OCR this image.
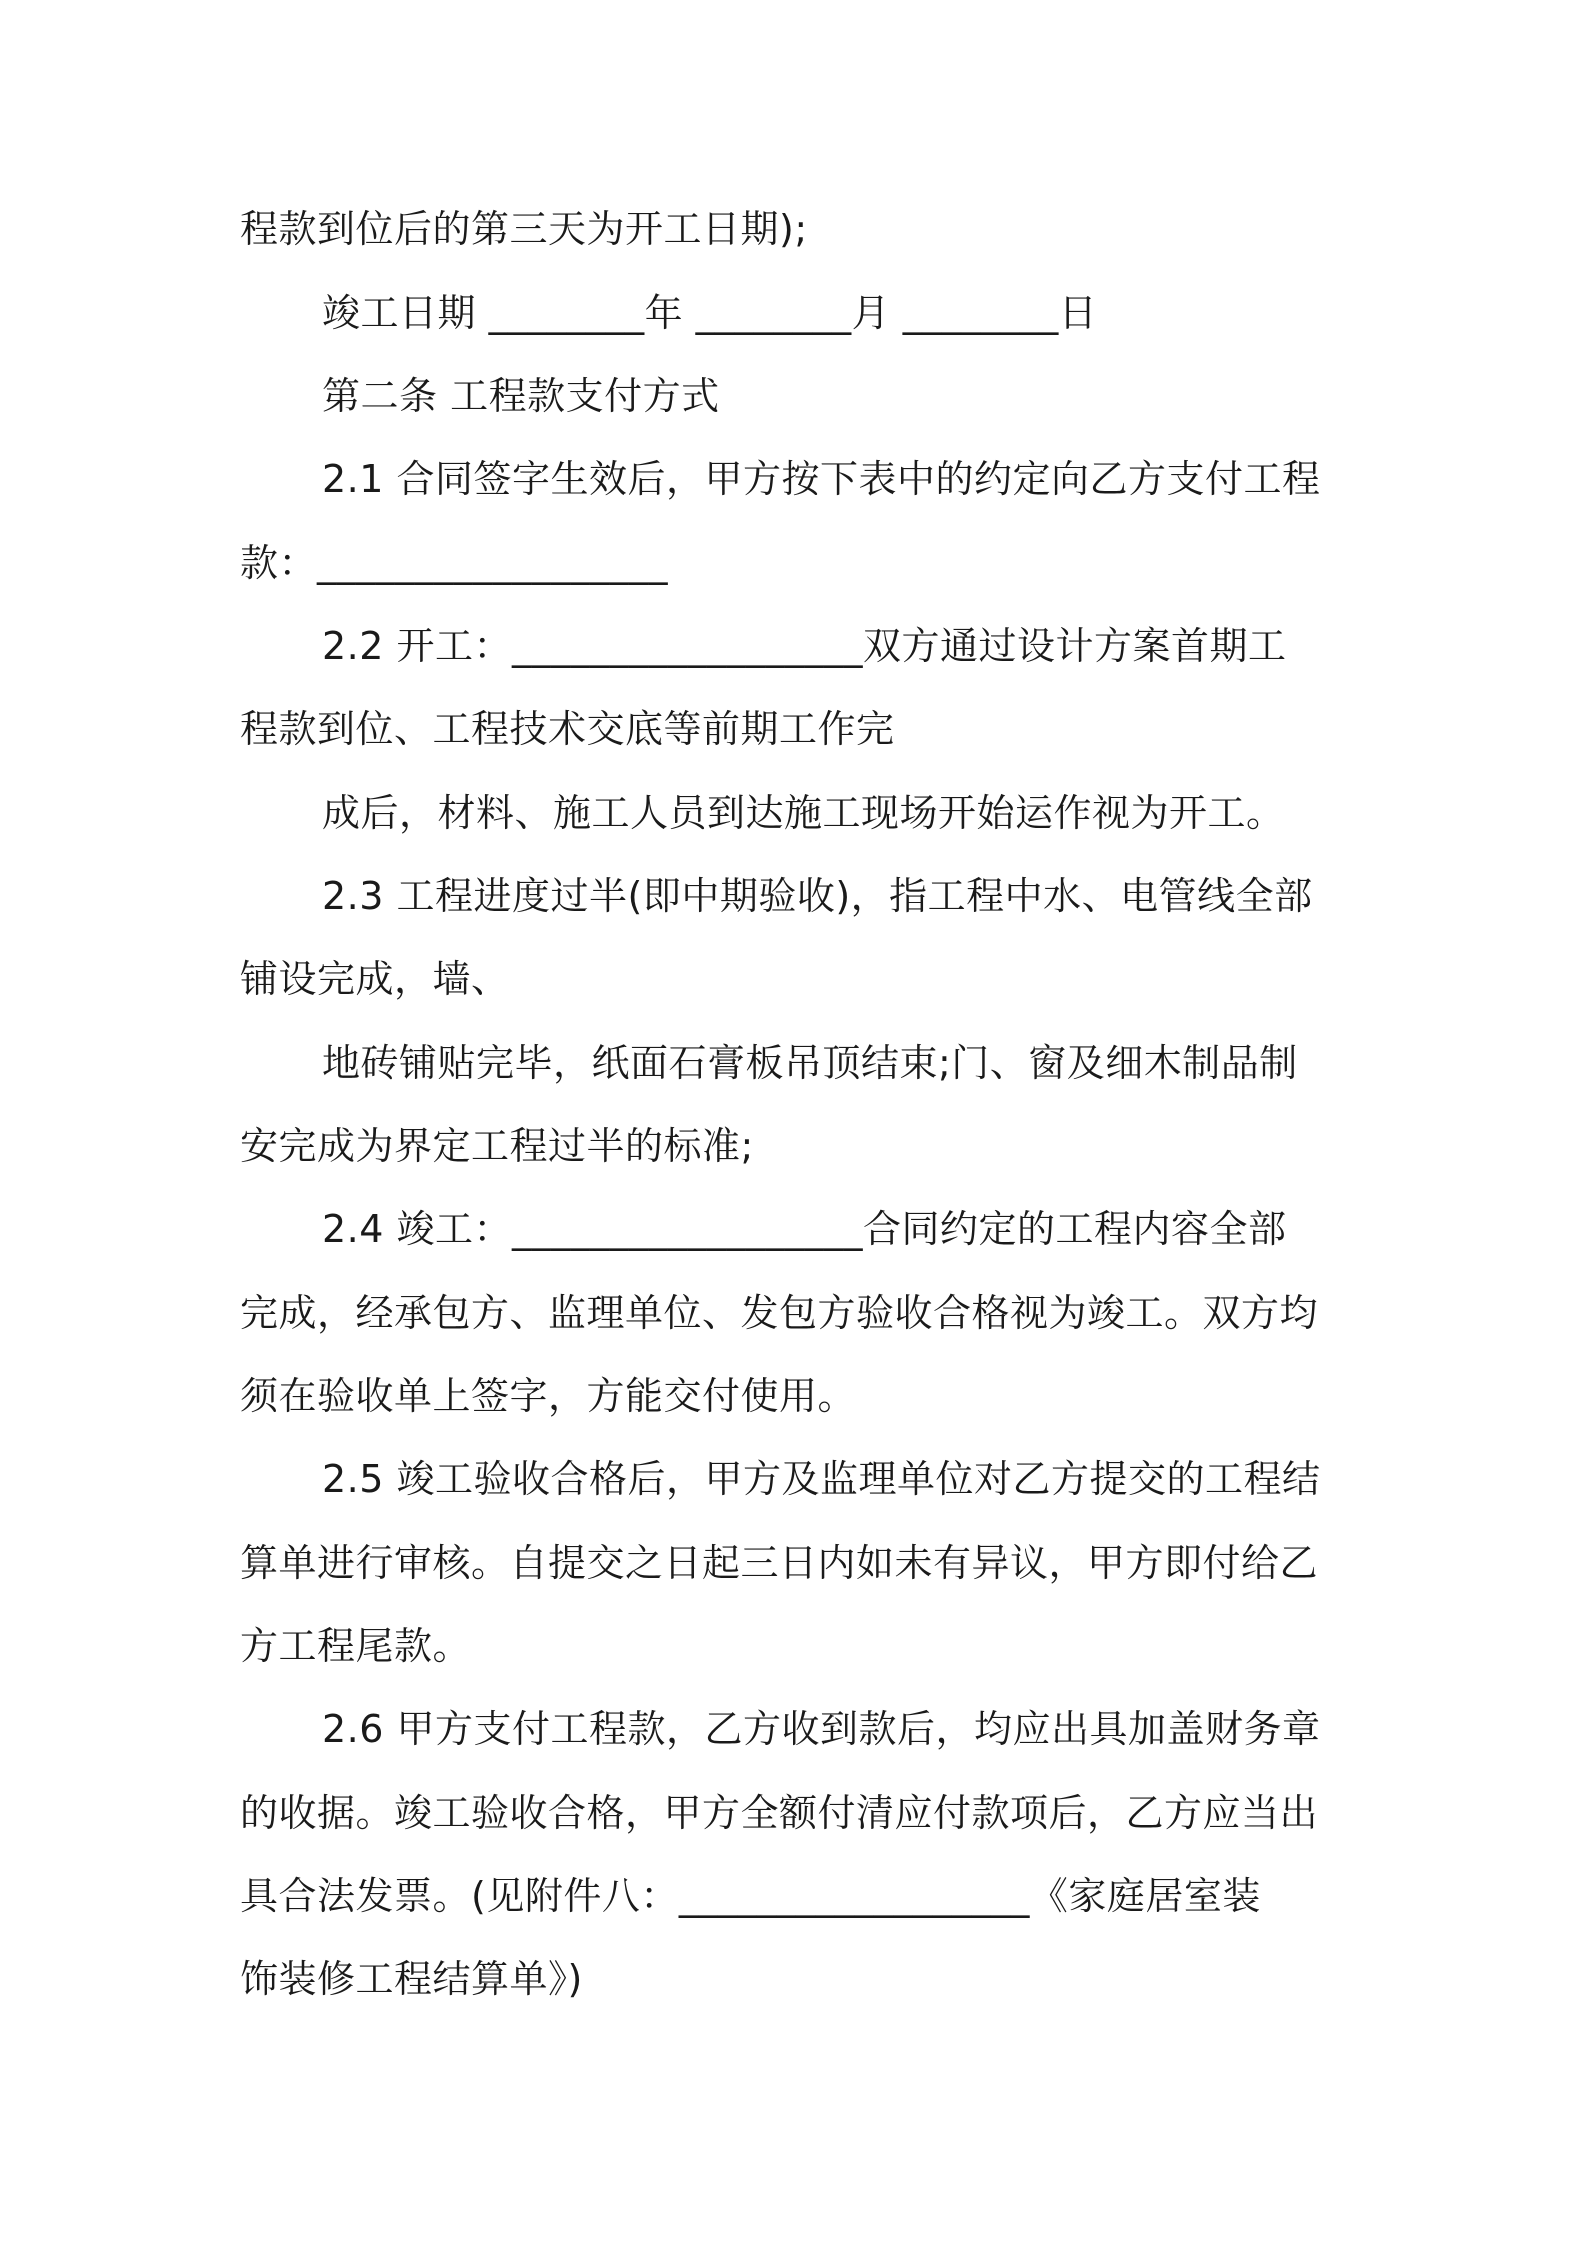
程款到位后的第三天为开工日期);
竣工日期 ________年 ________月 ________日
第二条 工程款支付方式
2.1 合同签字生效后，甲方按下表中的约定向乙方支付工程
款：__________________
2.2 开工：__________________双方通过设计方案首期工
程款到位、工程技术交底等前期工作完
成后，材料、施工人员到达施工现场开始运作视为开工。
2.3 工程进度过半(即中期验收)，指工程中水、电管线全部
铺设完成，墙、
地砖铺贴完毕，纸面石膏板吊顶结束;门、窗及细木制品制
安完成为界定工程过半的标准;
2.4 竣工：__________________合同约定的工程内容全部
完成，经承包方、监理单位、发包方验收合格视为竣工。双方均
须在验收单上签字，方能交付使用。
2.5 竣工验收合格后，甲方及监理单位对乙方提交的工程结
算单进行审核。自提交之日起三日内如未有异议，甲方即付给乙
方工程尾款。
2.6 甲方支付工程款，乙方收到款后，均应出具加盖财务章
的收据。竣工验收合格，甲方全额付清应付款项后，乙方应当出
具合法发票。(见附件八：__________________《家庭居室装
饰装修工程结算单》)
